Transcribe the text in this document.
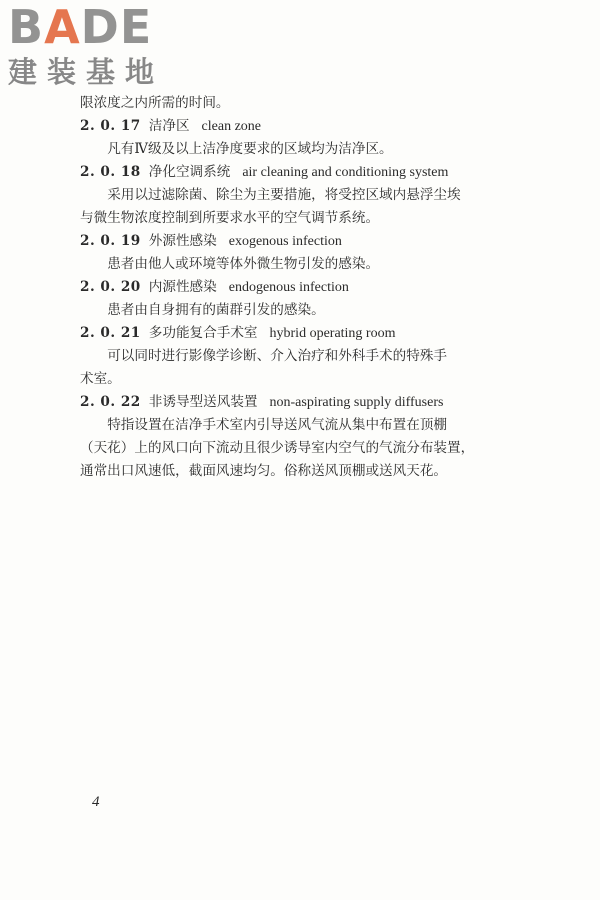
BADE
建装基地

限浓度之内所需的时间。

2. 0. 17 洁净区 clean zone

凡有Ⅳ级及以上洁净度要求的区域均为洁净区。

2. 0. 18 净化空调系统 air cleaning and conditioning system

采用以过滤除菌、除尘为主要措施，将受控区域内悬浮尘埃

与微生物浓度控制到所要求水平的空气调节系统。

2. 0. 19 外源性感染 exogenous infection

患者由他人或环境等体外微生物引发的感染。

2. 0. 20 内源性感染 endogenous infection

患者由自身拥有的菌群引发的感染。

2. 0. 21 多功能复合手术室 hybrid operating room

可以同时进行影像学诊断、介入治疗和外科手术的特殊手

术室。

2. 0. 22 非诱导型送风装置 non-aspirating supply diffusers

特指设置在洁净手术室内引导送风气流从集中布置在顶棚

（天花）上的风口向下流动且很少诱导室内空气的气流分布装置，

通常出口风速低，截面风速均匀。俗称送风顶棚或送风天花。

4
